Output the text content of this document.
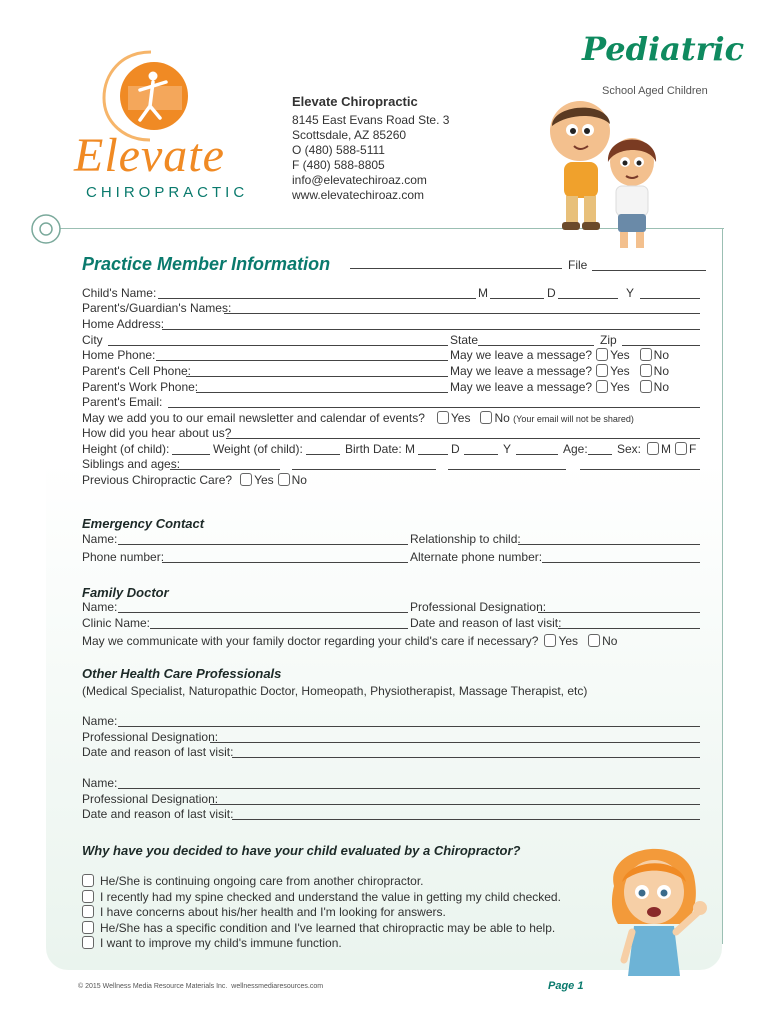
Elevate
CHIROPRACTIC
Elevate Chiropractic
8145 East Evans Road Ste. 3
Scottsdale, AZ 85260
O (480) 588-5111
F (480) 588-8805
info@elevatechiroaz.com
www.elevatechiroaz.com
Pediatric
School Aged Children
Practice Member Information	File
Child's Name:	M	D	Y
Parent's/Guardian's Names:
Home Address:
City	State	Zip
Home Phone:	May we leave a message? Yes No
Parent's Cell Phone:	May we leave a message? Yes No
Parent's Work Phone:	May we leave a message? Yes No
Parent's Email:
May we add you to our email newsletter and calendar of events? Yes No (Your email will not be shared)
How did you hear about us?
Height (of child):	Weight (of child):	Birth Date: M	D	Y	Age: Sex: M F
Siblings and ages:
Previous Chiropractic Care? Yes No
Emergency Contact
Name:	Relationship to child:
Phone number:	Alternate phone number:
Family Doctor
Name:	Professional Designation:
Clinic Name:	Date and reason of last visit:
May we communicate with your family doctor regarding your child's care if necessary? Yes No
Other Health Care Professionals
(Medical Specialist, Naturopathic Doctor, Homeopath, Physiotherapist, Massage Therapist, etc)
Name:
Professional Designation:
Date and reason of last visit:
Name:
Professional Designation:
Date and reason of last visit:
Why have you decided to have your child evaluated by a Chiropractor?
He/She is continuing ongoing care from another chiropractor.
I recently had my spine checked and understand the value in getting my child checked.
I have concerns about his/her health and I'm looking for answers.
He/She has a specific condition and I've learned that chiropractic may be able to help.
I want to improve my child's immune function.
© 2015 Wellness Media Resource Materials Inc. wellnessmediaresources.com	Page 1
